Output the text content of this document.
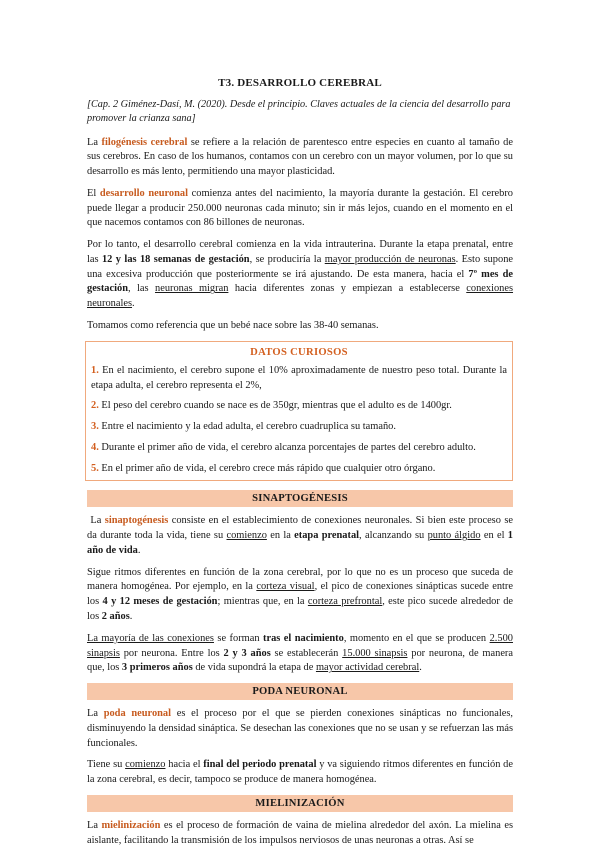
T3. DESARROLLO CEREBRAL
[Cap. 2 Giménez-Dasí, M. (2020). Desde el principio. Claves actuales de la ciencia del desarrollo para promover la crianza sana]

La filogénesis cerebral se refiere a la relación de parentesco entre especies en cuanto al tamaño de sus cerebros. En caso de los humanos, contamos con un cerebro con un mayor volumen, por lo que su desarrollo es más lento, permitiendo una mayor plasticidad.

El desarrollo neuronal comienza antes del nacimiento, la mayoría durante la gestación. El cerebro puede llegar a producir 250.000 neuronas cada minuto; sin ir más lejos, cuando en el momento en el que nacemos contamos con 86 billones de neuronas.

Por lo tanto, el desarrollo cerebral comienza en la vida intrauterina. Durante la etapa prenatal, entre las 12 y las 18 semanas de gestación, se produciría la mayor producción de neuronas. Esto supone una excesiva producción que posteriormente se irá ajustando. De esta manera, hacia el 7º mes de gestación, las neuronas migran hacia diferentes zonas y empiezan a establecerse conexiones neuronales.

Tomamos como referencia que un bebé nace sobre las 38-40 semanas.

DATOS CURIOSOS
1. En el nacimiento, el cerebro supone el 10% aproximadamente de nuestro peso total. Durante la etapa adulta, el cerebro representa el 2%,
2. El peso del cerebro cuando se nace es de 350gr, mientras que el adulto es de 1400gr.
3. Entre el nacimiento y la edad adulta, el cerebro cuadruplica su tamaño.
4. Durante el primer año de vida, el cerebro alcanza porcentajes de partes del cerebro adulto.
5. En el primer año de vida, el cerebro crece más rápido que cualquier otro órgano.
SINAPTOGÉNESIS

La sinaptogénesis consiste en el establecimiento de conexiones neuronales. Si bien este proceso se da durante toda la vida, tiene su comienzo en la etapa prenatal, alcanzando su punto álgido en el 1 año de vida.

Sigue ritmos diferentes en función de la zona cerebral, por lo que no es un proceso que suceda de manera homogénea. Por ejemplo, en la corteza visual, el pico de conexiones sinápticas sucede entre los 4 y 12 meses de gestación; mientras que, en la corteza prefrontal, este pico sucede alrededor de los 2 años.

La mayoría de las conexiones se forman tras el nacimiento, momento en el que se producen 2.500 sinapsis por neurona. Entre los 2 y 3 años se establecerán 15.000 sinapsis por neurona, de manera que, los 3 primeros años de vida supondrá la etapa de mayor actividad cerebral.

PODA NEURONAL

La poda neuronal es el proceso por el que se pierden conexiones sinápticas no funcionales, disminuyendo la densidad sináptica. Se desechan las conexiones que no se usan y se refuerzan las más funcionales.

Tiene su comienzo hacia el final del periodo prenatal y va siguiendo ritmos diferentes en función de la zona cerebral, es decir, tampoco se produce de manera homogénea.

MIELINIZACIÓN

La mielinización es el proceso de formación de vaina de mielina alrededor del axón. La mielina es aislante, facilitando la transmisión de los impulsos nerviosos de unas neuronas a otras. Así se
